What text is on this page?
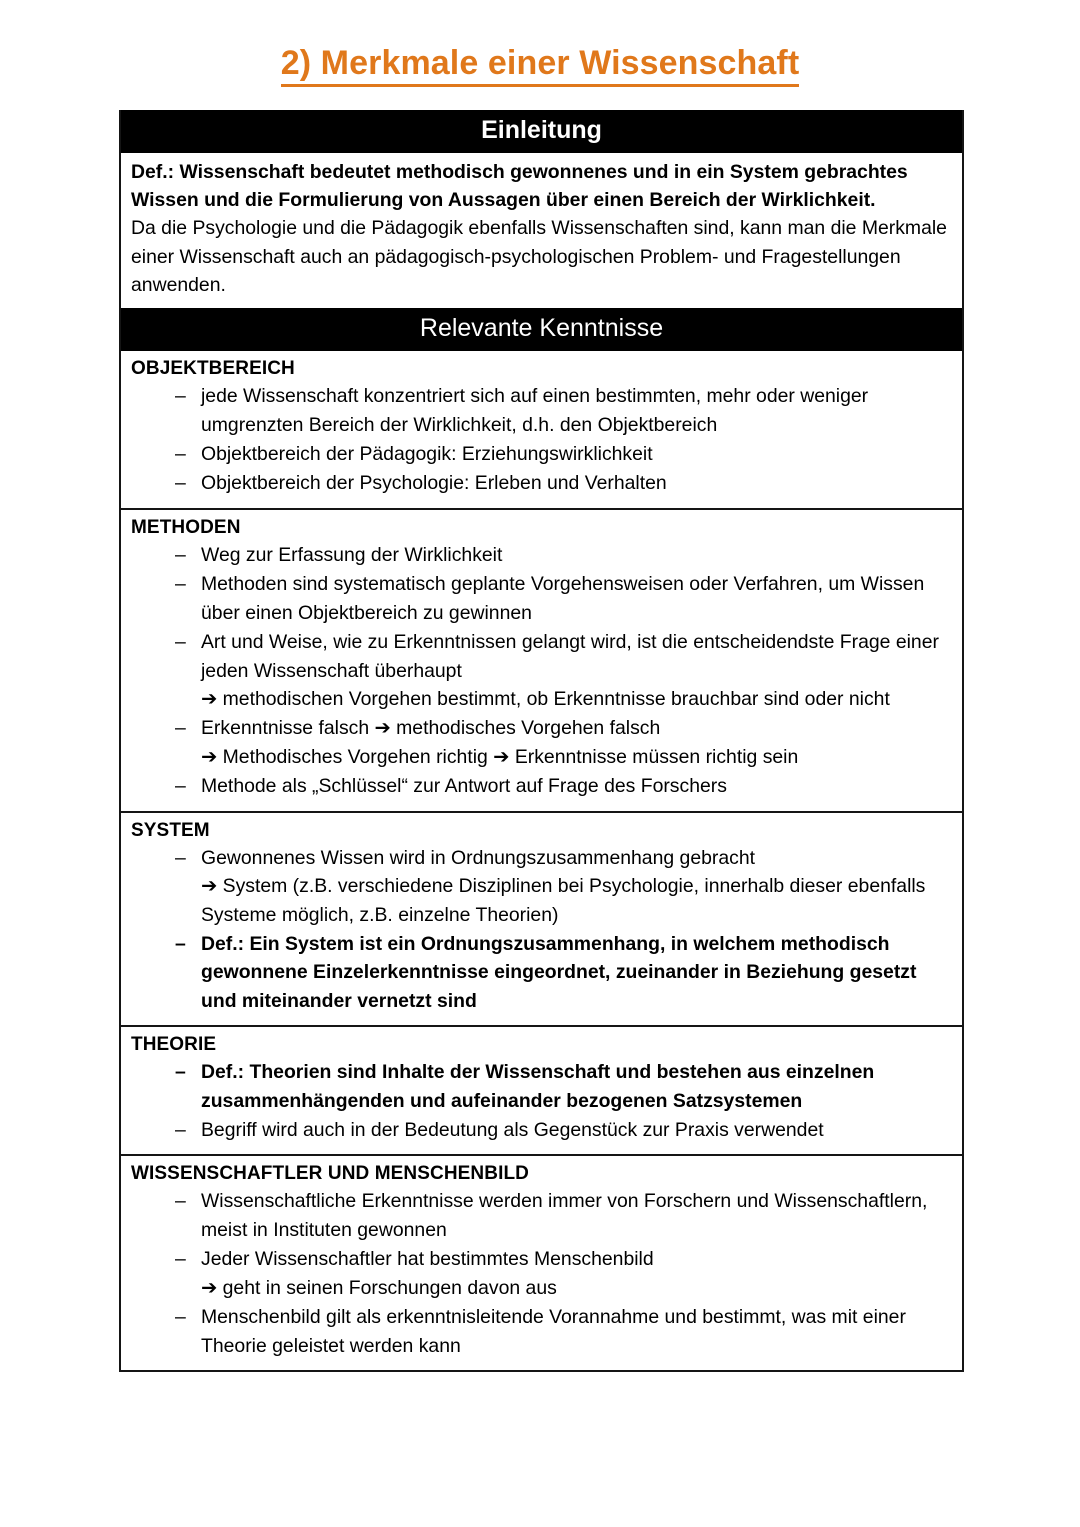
2) Merkmale einer Wissenschaft
Einleitung

Def.: Wissenschaft bedeutet methodisch gewonnenes und in ein System gebrachtes Wissen und die Formulierung von Aussagen über einen Bereich der Wirklichkeit.

Da die Psychologie und die Pädagogik ebenfalls Wissenschaften sind, kann man die Merkmale einer Wissenschaft auch an pädagogisch-psychologischen Problem- und Fragestellungen anwenden.

Relevante Kenntnisse
OBJEKTBEREICH
– jede Wissenschaft konzentriert sich auf einen bestimmten, mehr oder weniger umgrenzten Bereich der Wirklichkeit, d.h. den Objektbereich
– Objektbereich der Pädagogik: Erziehungswirklichkeit
– Objektbereich der Psychologie: Erleben und Verhalten
METHODEN
– Weg zur Erfassung der Wirklichkeit
– Methoden sind systematisch geplante Vorgehensweisen oder Verfahren, um Wissen über einen Objektbereich zu gewinnen
– Art und Weise, wie zu Erkenntnissen gelangt wird, ist die entscheidendste Frage einer jeden Wissenschaft überhaupt
➔ methodischen Vorgehen bestimmt, ob Erkenntnisse brauchbar sind oder nicht
– Erkenntnisse falsch ➔ methodisches Vorgehen falsch
➔ Methodisches Vorgehen richtig ➔ Erkenntnisse müssen richtig sein
– Methode als „Schlüssel“ zur Antwort auf Frage des Forschers
SYSTEM
– Gewonnenes Wissen wird in Ordnungszusammenhang gebracht
➔ System (z.B. verschiedene Disziplinen bei Psychologie, innerhalb dieser ebenfalls Systeme möglich, z.B. einzelne Theorien)
– Def.: Ein System ist ein Ordnungszusammenhang, in welchem methodisch gewonnene Einzelerkenntnisse eingeordnet, zueinander in Beziehung gesetzt und miteinander vernetzt sind
THEORIE
– Def.: Theorien sind Inhalte der Wissenschaft und bestehen aus einzelnen zusammenhängenden und aufeinander bezogenen Satzsystemen
– Begriff wird auch in der Bedeutung als Gegenstück zur Praxis verwendet
WISSENSCHAFTLER UND MENSCHENBILD
– Wissenschaftliche Erkenntnisse werden immer von Forschern und Wissenschaftlern, meist in Instituten gewonnen
– Jeder Wissenschaftler hat bestimmtes Menschenbild
➔ geht in seinen Forschungen davon aus
– Menschenbild gilt als erkenntnisleitende Vorannahme und bestimmt, was mit einer Theorie geleistet werden kann
